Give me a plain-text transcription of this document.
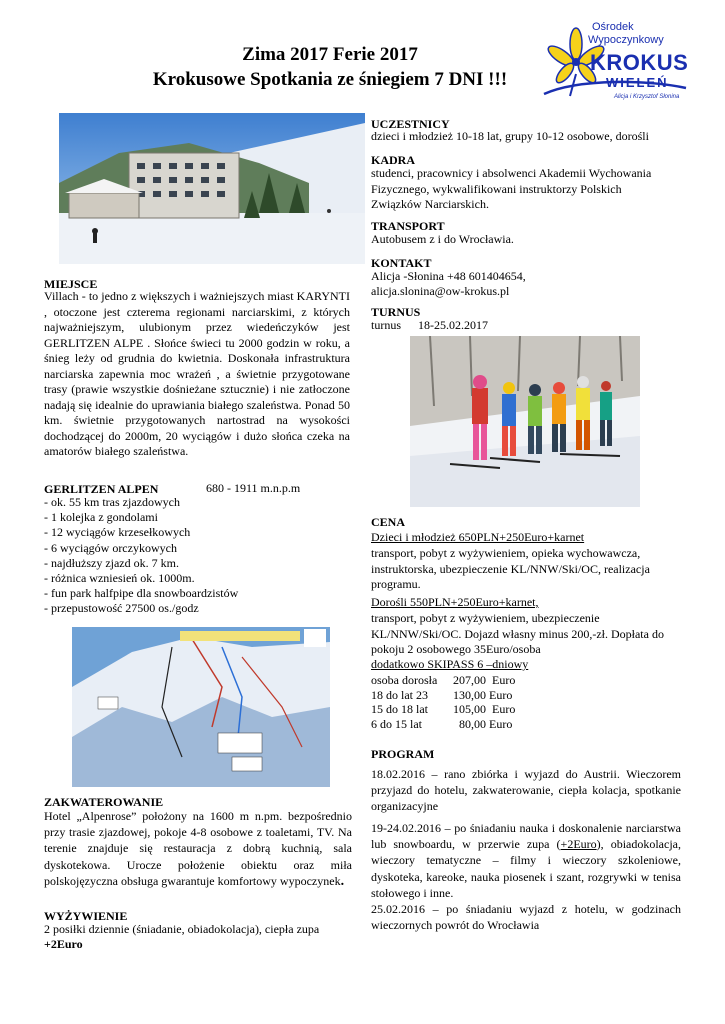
Zima 2017 Ferie 2017
Krokusowe Spotkania ze śniegiem 7 DNI !!!
Ośrodek
Wypoczynkowy
KROKUS
WIELEŃ
Alicja i Krzysztof Słonina
MIEJSCE
Villach - to jedno z większych i ważniejszych miast KARYNTI , otoczone jest czterema regionami narciarskimi, z których najważniejszym, ulubionym przez wiedeńczyków jest GERLITZEN ALPE . Słońce świeci tu 2000 godzin w roku, a śnieg leży od grudnia do kwietnia. Doskonała infrastruktura narciarska zapewnia moc wrażeń , a świetnie przygotowane trasy (prawie wszystkie dośnieżane sztucznie) i nie zatłoczone nadają się idealnie do uprawiania białego szaleństwa. Ponad 50 km. świetnie przygotowanych nartostrad na wysokości dochodzącej do 2000m, 20 wyciągów i dużo słońca czeka na amatorów białego szaleństwa.
GERLITZEN ALPEN	680 - 1911 m.n.p.m
- ok. 55 km tras zjazdowych
- 1 kolejka z gondolami
- 12 wyciągów krzesełkowych
- 6 wyciągów orczykowych
- najdłuższy zjazd ok. 7 km.
- różnica wzniesień ok. 1000m.
- fun park halfpipe dla snowboardzistów
- przepustowość 27500 os./godz
ZAKWATEROWANIE
Hotel „Alpenrose” położony na 1600 m n.pm. bezpośrednio przy trasie zjazdowej, pokoje 4-8 osobowe z toaletami, TV. Na terenie znajduje się restauracja z dobrą kuchnią, sala dyskotekowa. Urocze położenie obiektu oraz miła polskojęzyczna obsługa gwarantuje komfortowy wypoczynek.
WYŻYWIENIE
2 posiłki dziennie (śniadanie, obiadokolacja), ciepła zupa
+2Euro
UCZESTNICY
dzieci i młodzież 10-18 lat, grupy 10-12 osobowe, dorośli
KADRA
studenci, pracownicy i absolwenci Akademii Wychowania
Fizycznego, wykwalifikowani instruktorzy Polskich
Związków Narciarskich.
TRANSPORT
Autobusem z i do Wrocławia.
KONTAKT
Alicja -Słonina +48 601404654,
alicja.slonina@ow-krokus.pl
TURNUS
turnus 18-25.02.2017
CENA
Dzieci i młodzież 650PLN+250Euro+karnet
transport, pobyt z wyżywieniem, opieka wychowawcza, instruktorska, ubezpieczenie KL/NNW/Ski/OC, realizacja programu.
Dorośli 550PLN+250Euro+karnet,
transport, pobyt z wyżywieniem, ubezpieczenie KL/NNW/Ski/OC. Dojazd własny minus 200,-zł. Dopłata do pokoju 2 osobowego 35Euro/osoba
dodatkowo SKIPASS 6 –dniowy
osoba dorosła	207,00  Euro
18 do lat 23	130,00 Euro
15 do 18 lat	105,00  Euro
6 do 15 lat	80,00 Euro
PROGRAM
18.02.2016 – rano zbiórka i wyjazd do Austrii. Wieczorem przyjazd do hotelu, zakwaterowanie, ciepła kolacja, spotkanie organizacyjne
19-24.02.2016 – po śniadaniu nauka i doskonalenie narciarstwa lub snowboardu, w przerwie zupa (+2Euro), obiadokolacja, wieczory tematyczne – filmy i wieczory szkoleniowe, dyskoteka, kareoke, nauka piosenek i szant, rozgrywki w tenisa stołowego i inne.
25.02.2016 – po śniadaniu wyjazd z hotelu, w godzinach wieczornych powrót do Wrocławia
